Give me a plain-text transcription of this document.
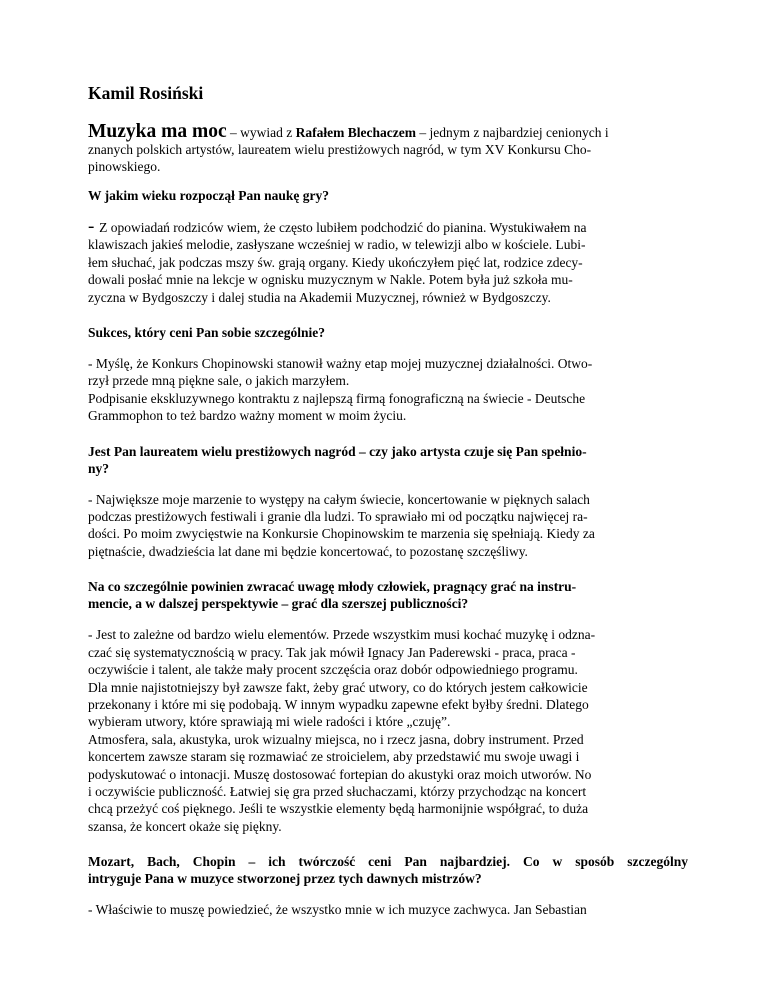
Kamil Rosiński
Muzyka ma moc – wywiad z Rafałem Blechaczem – jednym z najbardziej cenionych i
znanych polskich artystów, laureatem wielu prestiżowych nagród, w tym XV Konkursu Cho-
pinowskiego.
W jakim wieku rozpoczął Pan naukę gry?
- Z opowiadań rodziców wiem, że często lubiłem podchodzić do pianina. Wystukiwałem na
klawiszach jakieś melodie, zasłyszane wcześniej w radio, w telewizji albo w kościele. Lubi-
łem słuchać, jak podczas mszy św. grają organy. Kiedy ukończyłem pięć lat, rodzice zdecy-
dowali posłać mnie na lekcje w ognisku muzycznym w Nakle. Potem była już szkoła mu-
zyczna w Bydgoszczy i dalej studia na Akademii Muzycznej, również w Bydgoszczy.
Sukces, który ceni Pan sobie szczególnie?
- Myślę, że Konkurs Chopinowski stanowił ważny etap mojej muzycznej działalności. Otwo-
rzył przede mną piękne sale, o jakich marzyłem.
Podpisanie ekskluzywnego kontraktu z najlepszą firmą fonograficzną na świecie - Deutsche
Grammophon to też bardzo ważny moment w moim życiu.
Jest Pan laureatem wielu prestiżowych nagród – czy jako artysta czuje się Pan spełnio-
ny?
- Największe moje marzenie to występy na całym świecie, koncertowanie w pięknych salach
podczas prestiżowych festiwali i granie dla ludzi. To sprawiało mi od początku najwięcej ra-
dości. Po moim zwycięstwie na Konkursie Chopinowskim te marzenia się spełniają. Kiedy za
piętnaście, dwadzieścia lat dane mi będzie koncertować, to pozostanę szczęśliwy.
Na co szczególnie powinien zwracać uwagę młody człowiek, pragnący grać na instru-
mencie, a w dalszej perspektywie – grać dla szerszej publiczności?
- Jest to zależne od bardzo wielu elementów. Przede wszystkim musi kochać muzykę i odzna-
czać się systematycznością w pracy. Tak jak mówił Ignacy Jan Paderewski - praca, praca -
oczywiście i talent, ale także mały procent szczęścia oraz dobór odpowiedniego programu.
Dla mnie najistotniejszy był zawsze fakt, żeby grać utwory, co do których jestem całkowicie
przekonany i które mi się podobają. W innym wypadku zapewne efekt byłby średni. Dlatego
wybieram utwory, które sprawiają mi wiele radości i które „czuję”.
Atmosfera, sala, akustyka, urok wizualny miejsca, no i rzecz jasna, dobry instrument. Przed
koncertem zawsze staram się rozmawiać ze stroicielem, aby przedstawić mu swoje uwagi i
podyskutować o intonacji. Muszę dostosować fortepian do akustyki oraz moich utworów. No
i oczywiście publiczność. Łatwiej się gra przed słuchaczami, którzy przychodząc na koncert
chcą przeżyć coś pięknego. Jeśli te wszystkie elementy będą harmonijnie współgrać, to duża
szansa, że koncert okaże się piękny.
Mozart, Bach, Chopin – ich twórczość ceni Pan najbardziej. Co w sposób szczególny
intryguje Pana w muzyce stworzonej przez tych dawnych mistrzów?
- Właściwie to muszę powiedzieć, że wszystko mnie w ich muzyce zachwyca. Jan Sebastian
